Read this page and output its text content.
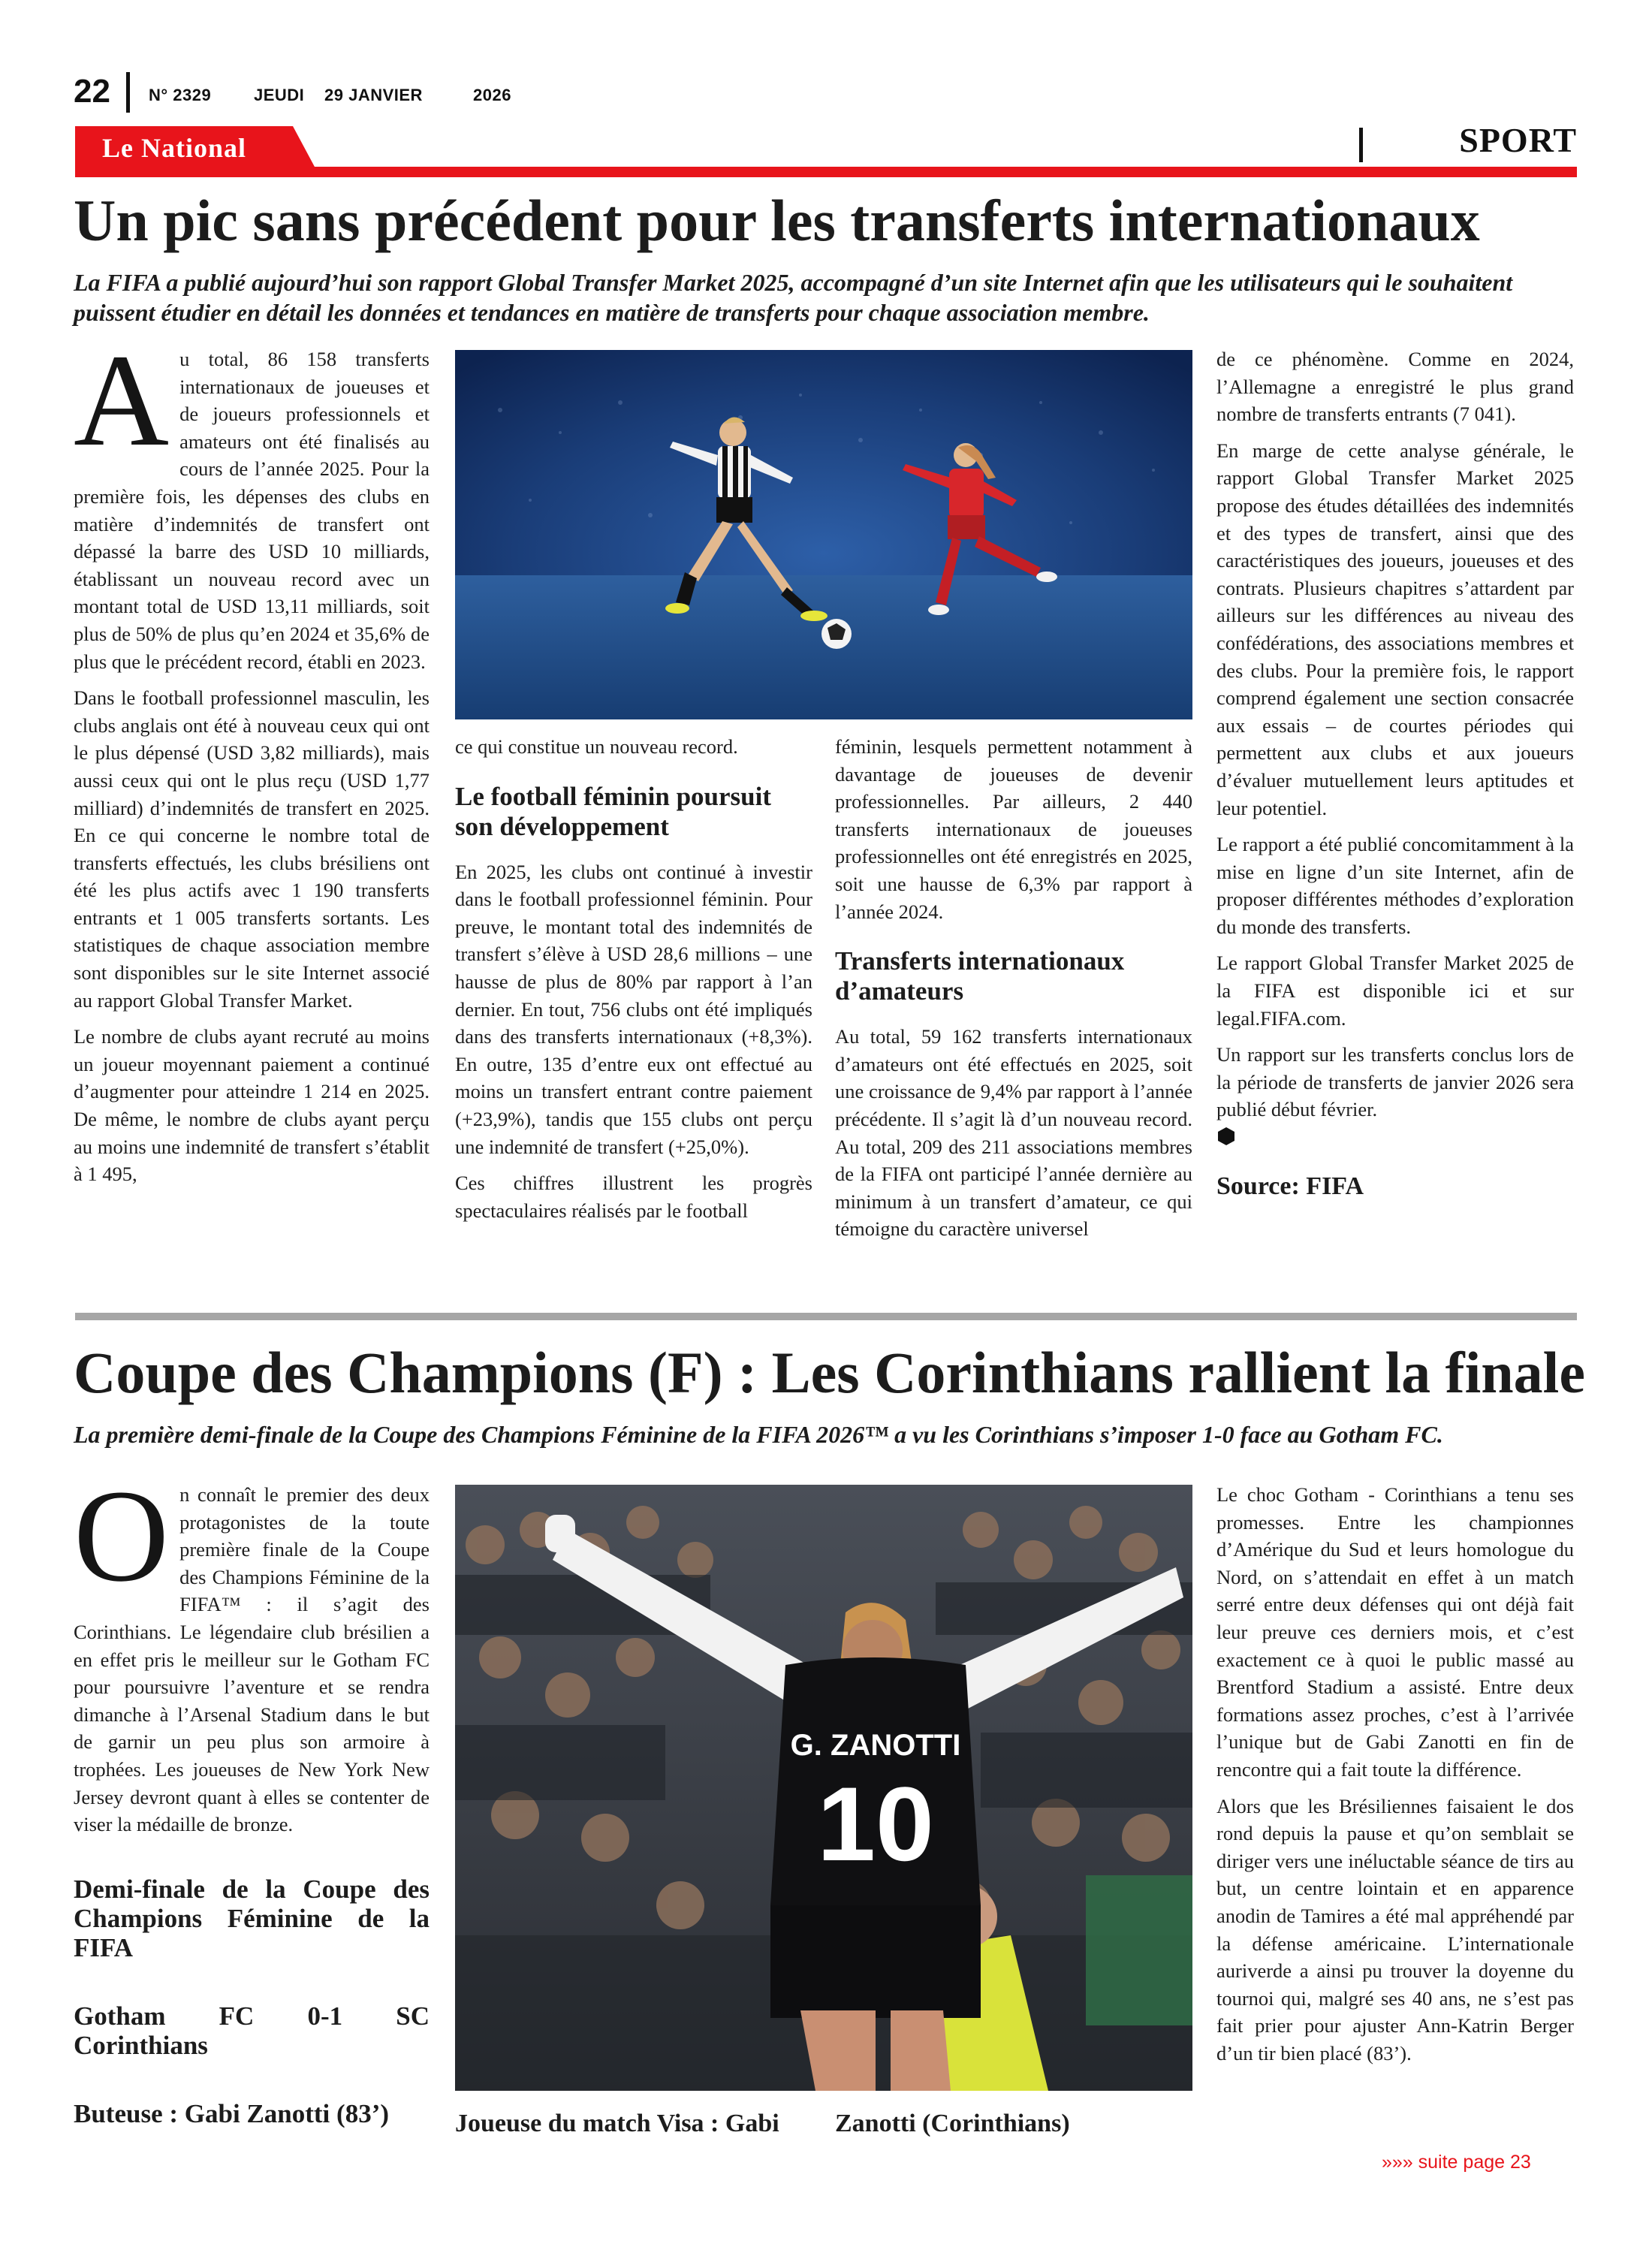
22 N° 2329	JEUDI 29 JANVIER	2026
Le National	SPORT
Un pic sans précédent pour les transferts internationaux
La FIFA a publié aujourd’hui son rapport Global Transfer Market 2025, accompagné d’un site Internet afin que les utilisateurs qui le souhaitent puissent étudier en détail les données et tendances en matière de transferts pour chaque association membre.

A u total, 86 158 transferts internationaux de joueuses et de joueurs professionnels et amateurs ont été finalisés au cours de l’année 2025. Pour la première fois, les dépenses des clubs en matière d’indemnités de transfert ont dépassé la barre des USD 10 milliards, établissant un nouveau record avec un montant total de USD 13,11 milliards, soit plus de 50% de plus qu’en 2024 et 35,6% de plus que le précédent record, établi en 2023.

Dans le football professionnel masculin, les clubs anglais ont été à nouveau ceux qui ont le plus dépensé (USD 3,82 milliards), mais aussi ceux qui ont le plus reçu (USD 1,77 milliard) d’indemnités de transfert en 2025. En ce qui concerne le nombre total de transferts effectués, les clubs brésiliens ont été les plus actifs avec 1 190 transferts entrants et 1 005 transferts sortants. Les statistiques de chaque association membre sont disponibles sur le site Internet associé au rapport Global Transfer Market.

Le nombre de clubs ayant recruté au moins un joueur moyennant paiement a continué d’augmenter pour atteindre 1 214 en 2025. De même, le nombre de clubs ayant perçu au moins une indemnité de transfert s’établit à 1 495,

ce qui constitue un nouveau record.

Le football féminin poursuit son développement

En 2025, les clubs ont continué à investir dans le football professionnel féminin. Pour preuve, le montant total des indemnités de transfert s’élève à USD 28,6 millions – une hausse de plus de 80% par rapport à l’an dernier. En tout, 756 clubs ont été impliqués dans des transferts internationaux (+8,3%). En outre, 135 d’entre eux ont effectué au moins un transfert entrant contre paiement (+23,9%), tandis que 155 clubs ont perçu une indemnité de transfert (+25,0%).

Ces chiffres illustrent les progrès spectaculaires réalisés par le football

féminin, lesquels permettent notamment à davantage de joueuses de devenir professionnelles. Par ailleurs, 2 440 transferts internationaux de joueuses professionnelles ont été enregistrés en 2025, soit une hausse de 6,3% par rapport à l’année 2024.

Transferts internationaux d’amateurs

Au total, 59 162 transferts internationaux d’amateurs ont été effectués en 2025, soit une croissance de 9,4% par rapport à l’année précédente. Il s’agit là d’un nouveau record. Au total, 209 des 211 associations membres de la FIFA ont participé l’année dernière au minimum à un transfert d’amateur, ce qui témoigne du caractère universel

de ce phénomène. Comme en 2024, l’Allemagne a enregistré le plus grand nombre de transferts entrants (7 041).

En marge de cette analyse générale, le rapport Global Transfer Market 2025 propose des études détaillées des indemnités et des types de transfert, ainsi que des caractéristiques des joueurs, joueuses et des contrats. Plusieurs chapitres s’attardent par ailleurs sur les différences au niveau des confédérations, des associations membres et des clubs. Pour la première fois, le rapport comprend également une section consacrée aux essais – de courtes périodes qui permettent aux clubs et aux joueurs d’évaluer mutuellement leurs aptitudes et leur potentiel.

Le rapport a été publié concomitamment à la mise en ligne d’un site Internet, afin de proposer différentes méthodes d’exploration du monde des transferts.

Le rapport Global Transfer Market 2025 de la FIFA est disponible ici et sur legal.FIFA.com.

Un rapport sur les transferts conclus lors de la période de transferts de janvier 2026 sera publié début février.

Source: FIFA
Coupe des Champions (F) : Les Corinthians rallient la finale
La première demi-finale de la Coupe des Champions Féminine de la FIFA 2026™ a vu les Corinthians s’imposer 1-0 face au Gotham FC.

O n connaît le premier des deux protagonistes de la toute première finale de la Coupe des Champions Féminine de la FIFA™ : il s’agit des Corinthians. Le légendaire club brésilien a en effet pris le meilleur sur le Gotham FC pour poursuivre l’aventure et se rendra dimanche à l’Arsenal Stadium dans le but de garnir un peu plus son armoire à trophées. Les joueuses de New York New Jersey devront quant à elles se contenter de viser la médaille de bronze.

Demi-finale de la Coupe des Champions Féminine de la FIFA
Gotham FC 0-1 SC Corinthians
Buteuse : Gabi Zanotti (83’)
G. ZANOTTI
10
Joueuse du match Visa : Gabi	Zanotti (Corinthians)

Le choc Gotham - Corinthians a tenu ses promesses. Entre les championnes d’Amérique du Sud et leurs homologue du Nord, on s’attendait en effet à un match serré entre deux défenses qui ont déjà fait leur preuve ces derniers mois, et c’est exactement ce à quoi le public massé au Brentford Stadium a assisté. Entre deux formations assez proches, c’est à l’arrivée l’unique but de Gabi Zanotti en fin de rencontre qui a fait toute la différence.

Alors que les Brésiliennes faisaient le dos rond depuis la pause et qu’on semblait se diriger vers une inéluctable séance de tirs au but, un centre lointain et en apparence anodin de Tamires a été mal appréhendé par la défense américaine. L’internationale auriverde a ainsi pu trouver la doyenne du tournoi qui, malgré ses 40 ans, ne s’est pas fait prier pour ajuster Ann-Katrin Berger d’un tir bien placé (83’).

»»» suite page 23
